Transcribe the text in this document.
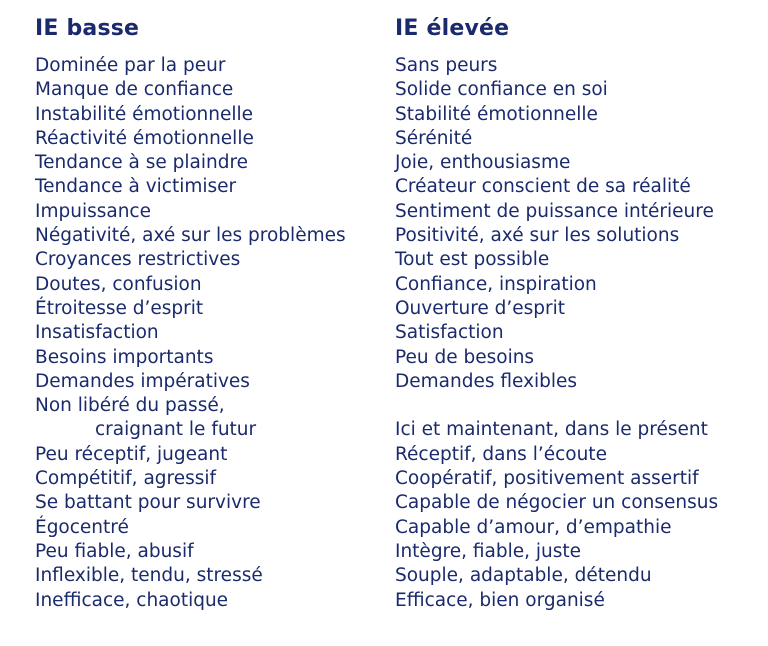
IE basse
Dominée par la peur
Manque de confiance
Instabilité émotionnelle
Réactivité émotionnelle
Tendance à se plaindre
Tendance à victimiser
Impuissance
Négativité, axé sur les problèmes
Croyances restrictives
Doutes, confusion
Étroitesse d’esprit
Insatisfaction
Besoins importants
Demandes impératives
Non libéré du passé,
craignant le futur
Peu réceptif, jugeant
Compétitif, agressif
Se battant pour survivre
Égocentré
Peu fiable, abusif
Inflexible, tendu, stressé
Inefficace, chaotique
IE élevée
Sans peurs
Solide confiance en soi
Stabilité émotionnelle
Sérénité
Joie, enthousiasme
Créateur conscient de sa réalité
Sentiment de puissance intérieure
Positivité, axé sur les solutions
Tout est possible
Confiance, inspiration
Ouverture d’esprit
Satisfaction
Peu de besoins
Demandes flexibles
Ici et maintenant, dans le présent
Réceptif, dans l’écoute
Coopératif, positivement assertif
Capable de négocier un consensus
Capable d’amour, d’empathie
Intègre, fiable, juste
Souple, adaptable, détendu
Efficace, bien organisé
